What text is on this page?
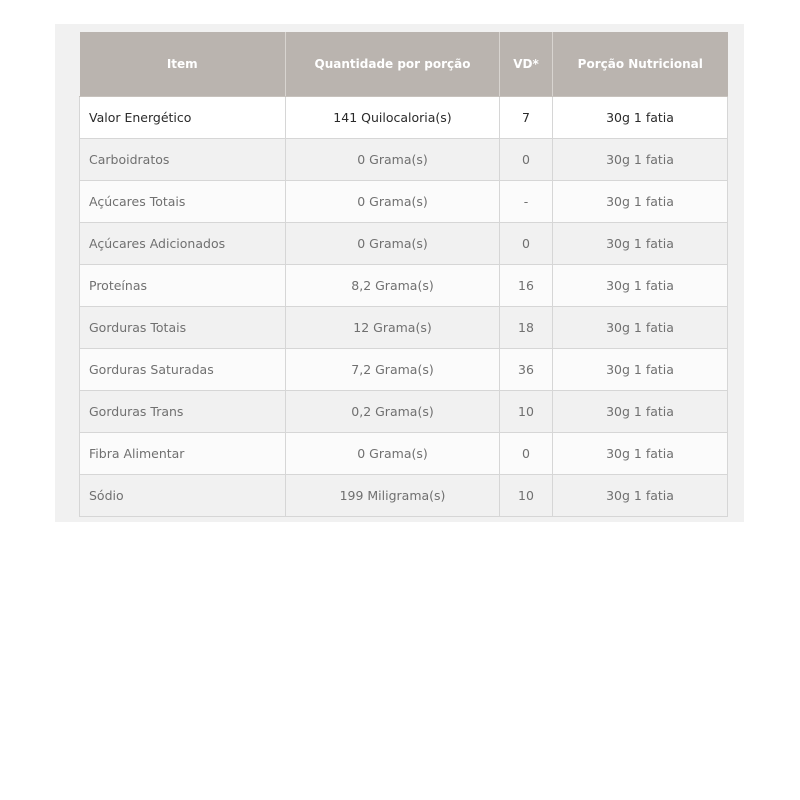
Item	Quantidade por porção	VD*	Porção Nutricional
Valor Energético	141 Quilocaloria(s)	7	30g 1 fatia
Carboidratos	0 Grama(s)	0	30g 1 fatia
Açúcares Totais	0 Grama(s)	-	30g 1 fatia
Açúcares Adicionados	0 Grama(s)	0	30g 1 fatia
Proteínas	8,2 Grama(s)	16	30g 1 fatia
Gorduras Totais	12 Grama(s)	18	30g 1 fatia
Gorduras Saturadas	7,2 Grama(s)	36	30g 1 fatia
Gorduras Trans	0,2 Grama(s)	10	30g 1 fatia
Fibra Alimentar	0 Grama(s)	0	30g 1 fatia
Sódio	199 Miligrama(s)	10	30g 1 fatia
